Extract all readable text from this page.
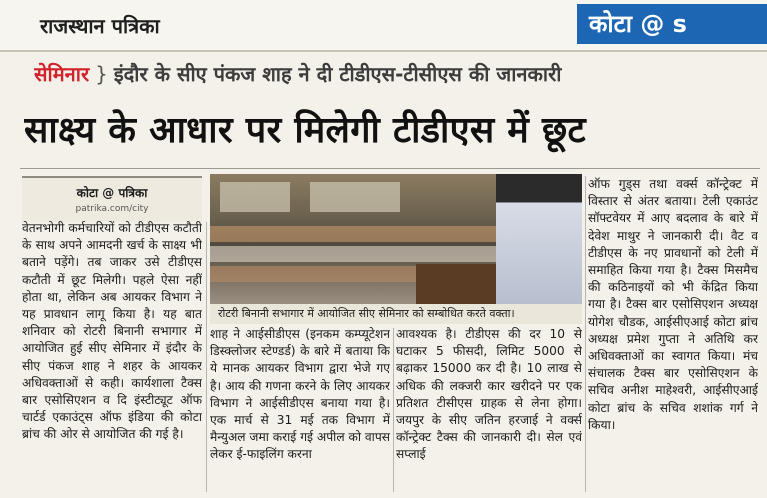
राजस्थान पत्रिका	कोटा @ s
सेमिनार } इंदौर के सीए पंकज शाह ने दी टीडीएस-टीसीएस की जानकारी
साक्ष्य के आधार पर मिलेगी टीडीएस में छूट
कोटा @ पत्रिका
patrika.com/city
रोटरी बिनानी सभागार में आयोजित सीए सेमिनार को सम्बोधित करते वक्ता।
वेतनभोगी कर्मचारियों को टीडीएस कटौती के साथ अपने आमदनी खर्च के साक्ष्य भी बताने पड़ेंगे। तब जाकर उसे टीडीएस कटौती में छूट मिलेगी। पहले ऐसा नहीं होता था, लेकिन अब आयकर विभाग ने यह प्रावधान लागू किया है। यह बात शनिवार को रोटरी बिनानी सभागार में आयोजित हुई सीए सेमिनार में इंदौर के सीए पंकज शाह ने शहर के आयकर अधिवक्ताओं से कही। कार्यशाला टैक्स बार एसोसिएशन व दि इंस्टीट्यूट ऑफ चार्टर्ड एकाउंट्स ऑफ इंडिया की कोटा ब्रांच की ओर से आयोजित की गई है।
शाह ने आईसीडीएस (इनकम कम्प्यूटेशन डिस्क्लोजर स्टेण्डर्ड) के बारे में बताया कि ये मानक आयकर विभाग द्वारा भेजे गए है। आय की गणना करने के लिए आयकर विभाग ने आईसीडीएस बनाया गया है। एक मार्च से 31 मई तक विभाग में मैन्युअल जमा कराई गई अपील को वापस लेकर ई-फाइलिंग करना
आवश्यक है। टीडीएस की दर 10 से घटाकर 5 फीसदी, लिमिट 5000 से बढ़ाकर 15000 कर दी है। 10 लाख से अधिक की लक्जरी कार खरीदने पर एक प्रतिशत टीसीएस ग्राहक से लेना होगा। जयपुर के सीए जतिन हरजाई ने वर्क्स कॉन्ट्रेक्ट टैक्स की जानकारी दी। सेल एवं सप्लाई
ऑफ गुड्स तथा वर्क्स कॉन्ट्रेक्ट में विस्तार से अंतर बताया। टेली एकाउंट सॉफ्टवेयर में आए बदलाव के बारे में देवेश माथुर ने जानकारी दी। वैट व टीडीएस के नए प्रावधानों को टेली में समाहित किया गया है। टैक्स मिसमैच की कठिनाइयों को भी केंद्रित किया गया है। टैक्स बार एसोसिएशन अध्यक्ष योगेश चौडक, आईसीएआई कोटा ब्रांच अध्यक्ष प्रमेश गुप्ता ने अतिथि कर अधिवक्ताओं का स्वागत किया। मंच संचालक टैक्स बार एसोसिएशन के सचिव अनीश माहेश्वरी, आईसीएआई कोटा ब्रांच के सचिव शशांक गर्ग ने किया।
